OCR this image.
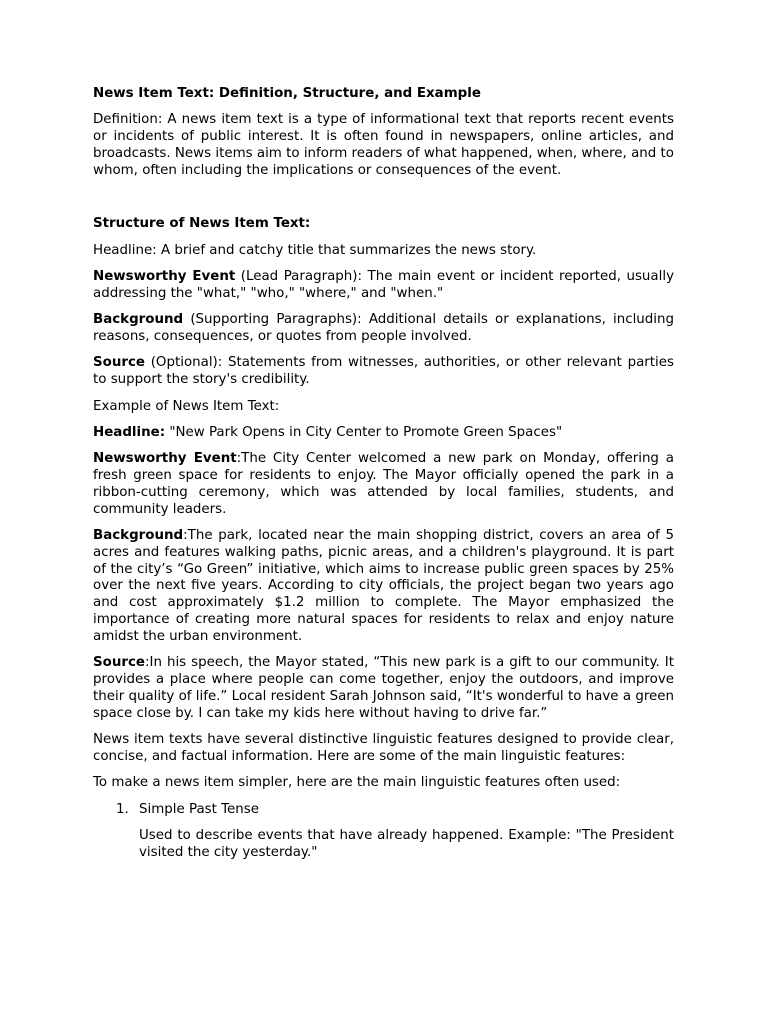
News Item Text: Definition, Structure, and Example

Definition: A news item text is a type of informational text that reports recent events or incidents of public interest. It is often found in newspapers, online articles, and broadcasts. News items aim to inform readers of what happened, when, where, and to whom, often including the implications or consequences of the event.

Structure of News Item Text:

Headline: A brief and catchy title that summarizes the news story.

Newsworthy Event (Lead Paragraph): The main event or incident reported, usually addressing the "what," "who," "where," and "when."

Background (Supporting Paragraphs): Additional details or explanations, including reasons, consequences, or quotes from people involved.

Source (Optional): Statements from witnesses, authorities, or other relevant parties to support the story's credibility.

Example of News Item Text:

Headline: "New Park Opens in City Center to Promote Green Spaces"

Newsworthy Event:The City Center welcomed a new park on Monday, offering a fresh green space for residents to enjoy. The Mayor officially opened the park in a ribbon-cutting ceremony, which was attended by local families, students, and community leaders.

Background:The park, located near the main shopping district, covers an area of 5 acres and features walking paths, picnic areas, and a children's playground. It is part of the city’s “Go Green” initiative, which aims to increase public green spaces by 25% over the next five years. According to city officials, the project began two years ago and cost approximately $1.2 million to complete. The Mayor emphasized the importance of creating more natural spaces for residents to relax and enjoy nature amidst the urban environment.

Source:In his speech, the Mayor stated, “This new park is a gift to our community. It provides a place where people can come together, enjoy the outdoors, and improve their quality of life.” Local resident Sarah Johnson said, “It's wonderful to have a green space close by. I can take my kids here without having to drive far.”

News item texts have several distinctive linguistic features designed to provide clear, concise, and factual information. Here are some of the main linguistic features:

To make a news item simpler, here are the main linguistic features often used:

1. Simple Past Tense

Used to describe events that have already happened. Example: "The President visited the city yesterday."
